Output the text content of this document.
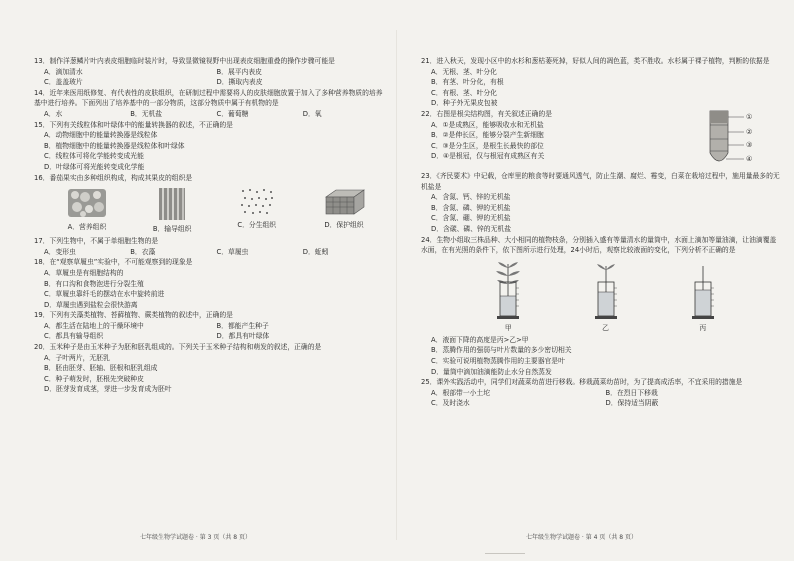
13．制作洋葱鳞片叶内表皮细胞临时装片时，导致显微镜视野中出现表皮细胞重叠的操作步骤可能是

A．滴加清水	B．展平内表皮
C．盖盖玻片	D．撕取内表皮

14．近年来医用纸修复、有代表性的皮肤组织，在研制过程中需要将人的皮肤细胞放置于加入了多种营养物质的培养基中进行培养。下面列出了培养基中的一部分物质，这部分物质中属于有机物的是

A．水	B．无机盐	C．葡萄糖	D．氧

15．下列有关线粒体和叶绿体中的能量转换器的叙述，不正确的是

A．动物细胞中的能量转换器是线粒体
B．植物细胞中的能量转换器是线粒体和叶绿体
C．线粒体可将化学能转变成光能
D．叶绿体可将光能转变成化学能

16．番茄果实由多种组织构成，构成其果皮的组织是

A．营养组织	B．输导组织	C．分生组织	D．保护组织

17．下列生物中，不属于单细胞生物的是

A．变形虫	B．衣藻	C．草履虫	D．蚯蚓

18．在“观察草履虫”实验中，不可能观察到的现象是

A．草履虫是有细胞结构的
B．有口沟和食物泡进行分裂生殖
C．草履虫靠纤毛的摆动在水中旋转前进
D．草履虫遇到盐粒会很快游离

19．下列有关藻类植物、苔藓植物、蕨类植物的叙述中，正确的是

A．都生活在陆地上的干燥环境中	B．都能产生种子
C．都具有输导组织	D．都具有叶绿体

20．玉米种子是由玉米种子为胚和胚乳组成的。下列关于玉米种子结构和萌发的叙述，正确的是

A．子叶两片，无胚乳
B．胚由胚芽、胚轴、胚根和胚乳组成
C．种子萌发时，胚根先突破种皮
D．胚芽发育成茎，芽进一步发育成为胚叶
七年级生物学试题卷 · 第 3 页（共 8 页）

21．进入秋天，发现小区中的水杉和葱枯萎死掉，好似人间的凋色蓝，类不胜收。水杉属于裸子植物，判断的依据是

A．无根、茎、叶分化
B．有茎、叶分化，有根
C．有根、茎、叶分化
D．种子外无果皮包被

22．右图是根尖结构图，有关叙述正确的是

A．①是成熟区，能够吸收水和无机盐
B．②是伸长区，能够分裂产生新细胞
C．③是分生区，是根生长最快的部位
D．④是根冠，仅与根冠有成熟区有关
①
②
③
④

23．《齐民要术》中记载，仓库里的粮食等时要通风透气，防止生潮、腐烂、霉变，白菜在栽培过程中，施用量最多的无机盐是

A．含氮、钙、锌的无机盐
B．含氮、磷、钾的无机盐
C．含氮、硼、钾的无机盐
D．含碳、磷、锌的无机盐

24．生物小组取三株品种、大小相同的植物枝条，分别插入盛有等量清水的量筒中，水面上滴加等量油滴，让油滴覆盖水面，在有光照的条件下，依下图所示进行处理，24小时后，观察比较液面的变化，下列分析不正确的是

甲	乙	丙
A．液面下降的高度是丙>乙>甲
B．蒸腾作用的强弱与叶片数量的多少密切相关
C．实验可说明植物蒸腾作用的主要器官是叶
D．量筒中滴加油滴能防止水分自然蒸发

25．课外实践活动中，同学们对蔬菜幼苗进行移栽。移栽蔬菜幼苗时，为了提高成活率，不宜采用的措施是

A．根部带一小土坨	B．在烈日下移栽
C．及时浇水	D．保持适当阴蔽
七年级生物学试题卷 · 第 4 页（共 8 页）
